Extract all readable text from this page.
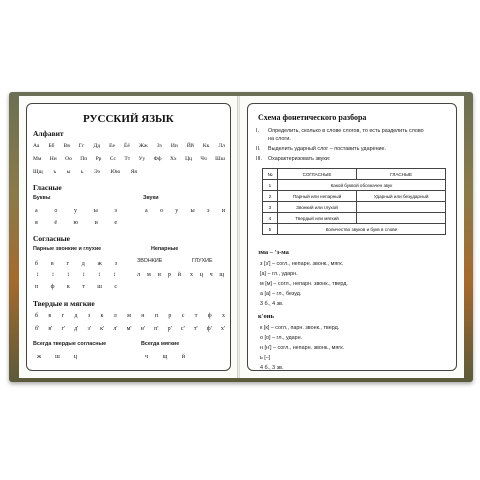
РУССКИЙ ЯЗЫК
Алфавит
Аа Бб Вв Гг Дд Ее Ёё Жж Зз Ии Йй Кк Лл
Мм Нн Оо Пп Рр Сс Тт Уу Фф Хх Цц Чч Шш
Щщ ъ ы ь Ээ Юю Яя
Гласные
Буквы	Звуки
а	о	у	ы	э
я	ё	ю	и	е
а о у ы э и
Согласные
Парные звонкие и глухие	Непарные
ЗВОНКИЕ	ГЛУХИЕ
б в г д ж з
↕ ↕ ↕ ↕ ↕ ↕
п ф к т ш с
л м н р й х ц ч щ
Твердые и мягкие
б в г д з к л м н п р с т ф х
б' в' г' д' з' к' л' м' н' п' р' с' т' ф' х'
Всегда твердые согласные	Всегда мягкие
ж ш ц	ч щ й
Схема фонетического разбора
I. Определить, сколько в слове слогов, то есть разделить слово
на слоги.
II. Выделить ударный слог – поставить ударение.
III. Охарактеризовать звуки:
№	СОГЛАСНЫЕ	ГЛАСНЫЕ
1	Какой буквой обозначен звук	
2	Парный или непарный	Ударный или безударный
3	Звонкий или глухой	
4	Твердый или мягкий	
5	Количество звуков и букв в слове	
зма – 'з-ма
з [з'] – согл., непарн. звонк., мягк.
[а] – гл., ударн.
м [м] – согл., непарн. звонк., тверд.
а [а] – гл., безуд.
3 б., 4 зв.
к'онь
к [к] – согл., парн. звонк., тверд.
о [о] – гл., ударн.
н [н'] – согл., непарн. звонк., мягк.
ь [–]
4 б., 3 зв.
